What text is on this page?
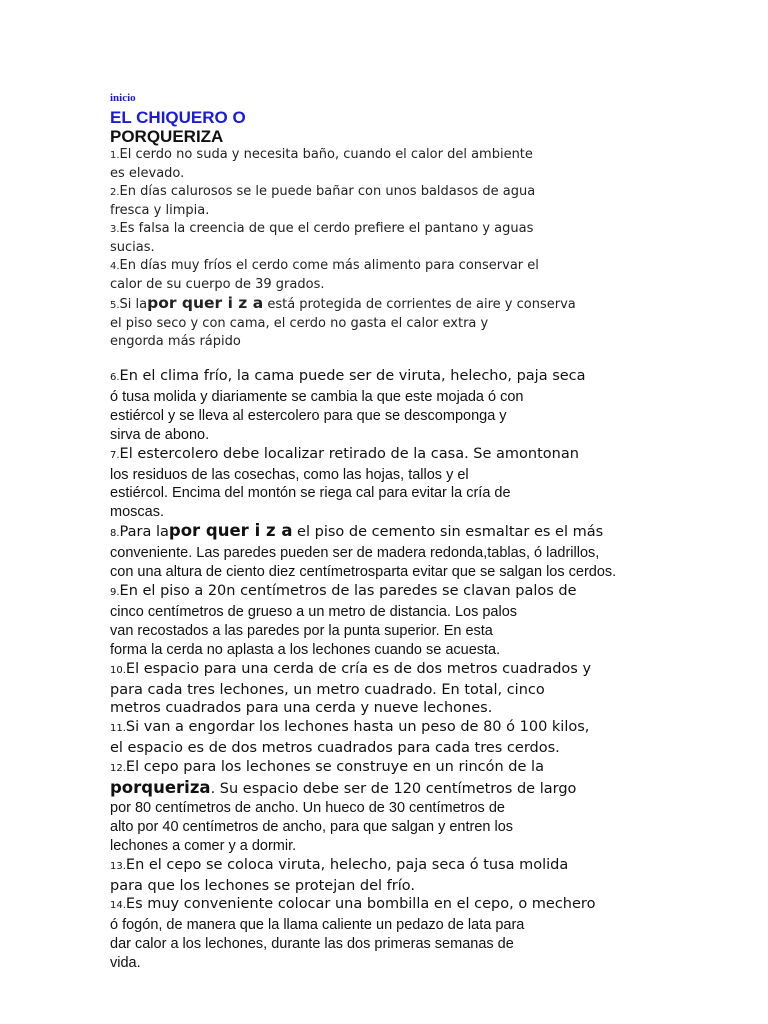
inicio
EL CHIQUERO O
PORQUERIZA
1.El cerdo no suda y necesita baño, cuando el calor del ambiente
es elevado.
2.En días calurosos se le puede bañar con unos baldasos de agua
fresca y limpia.
3.Es falsa la creencia de que el cerdo prefiere el pantano y aguas
sucias.
4.En días muy fríos el cerdo come más alimento para conservar el
calor de su cuerpo de 39 grados.
5.Si lapor quer i z a está protegida de corrientes de aire y conserva
el piso seco y con cama, el cerdo no gasta el calor extra y
engorda más rápido
6.En el clima frío, la cama puede ser de viruta, helecho, paja seca
ó tusa molida y diariamente se cambia la que este mojada ó con
estiércol y se lleva al estercolero para que se descomponga y
sirva de abono.
7.El estercolero debe localizar retirado de la casa. Se amontonan
los residuos de las cosechas, como las hojas, tallos y el
estiércol. Encima del montón se riega cal para evitar la cría de
moscas.
8.Para lapor quer i z a el piso de cemento sin esmaltar es el más
conveniente. Las paredes pueden ser de madera redonda,tablas, ó ladrillos,
con una altura de ciento diez centímetrosparta evitar que se salgan los cerdos.
9.En el piso a 20n centímetros de las paredes se clavan palos de
cinco centímetros de grueso a un metro de distancia. Los palos
van recostados a las paredes por la punta superior. En esta
forma la cerda no aplasta a los lechones cuando se acuesta.
10.El espacio para una cerda de cría es de dos metros cuadrados y
para cada tres lechones, un metro cuadrado. En total, cinco
metros cuadrados para una cerda y nueve lechones.
11.Si van a engordar los lechones hasta un peso de 80 ó 100 kilos,
el espacio es de dos metros cuadrados para cada tres cerdos.
12.El cepo para los lechones se construye en un rincón de la
porqueriza. Su espacio debe ser de 120 centímetros de largo
por 80 centímetros de ancho. Un hueco de 30 centímetros de
alto por 40 centímetros de ancho, para que salgan y entren los
lechones a comer y a dormir.
13.En el cepo se coloca viruta, helecho, paja seca ó tusa molida
para que los lechones se protejan del frío.
14.Es muy conveniente colocar una bombilla en el cepo, o mechero
ó fogón, de manera que la llama caliente un pedazo de lata para
dar calor a los lechones, durante las dos primeras semanas de
vida.
